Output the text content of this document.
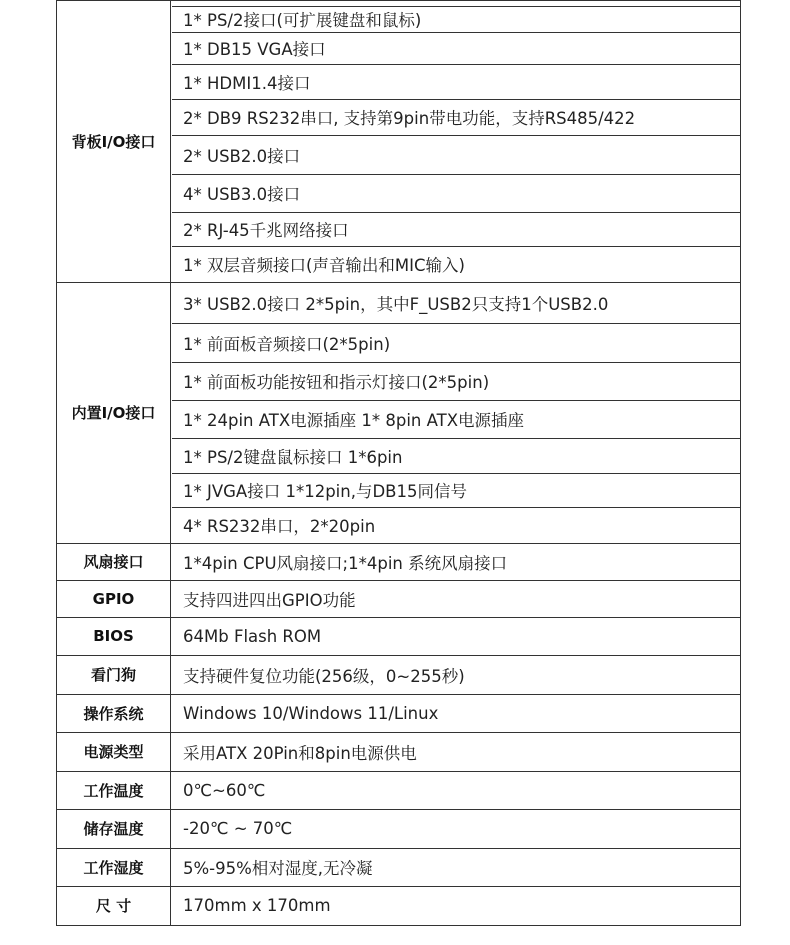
1* PS/2接口(可扩展键盘和鼠标)
1* DB15 VGA接口
1* HDMI1.4接口
2* DB9 RS232串口, 支持第9pin带电功能，支持RS485/422
2* USB2.0接口
4* USB3.0接口
2* RJ-45千兆网络接口
1* 双层音频接口(声音输出和MIC输入)
背板I/O接口
3* USB2.0接口 2*5pin，其中F_USB2只支持1个USB2.0
1* 前面板音频接口(2*5pin)
1* 前面板功能按钮和指示灯接口(2*5pin)
1* 24pin ATX电源插座 1* 8pin ATX电源插座
1* PS/2键盘鼠标接口 1*6pin
1* JVGA接口 1*12pin,与DB15同信号
4* RS232串口，2*20pin
内置I/O接口
1*4pin CPU风扇接口;1*4pin 系统风扇接口
风扇接口
支持四进四出GPIO功能
GPIO
64Mb Flash ROM
BIOS
支持硬件复位功能(256级，0~255秒)
看门狗
Windows 10/Windows 11/Linux
操作系统
采用ATX 20Pin和8pin电源供电
电源类型
0℃~60℃
工作温度
-20℃ ~ 70℃
储存温度
5%-95%相对湿度,无冷凝
工作湿度
170mm x 170mm
尺 寸
